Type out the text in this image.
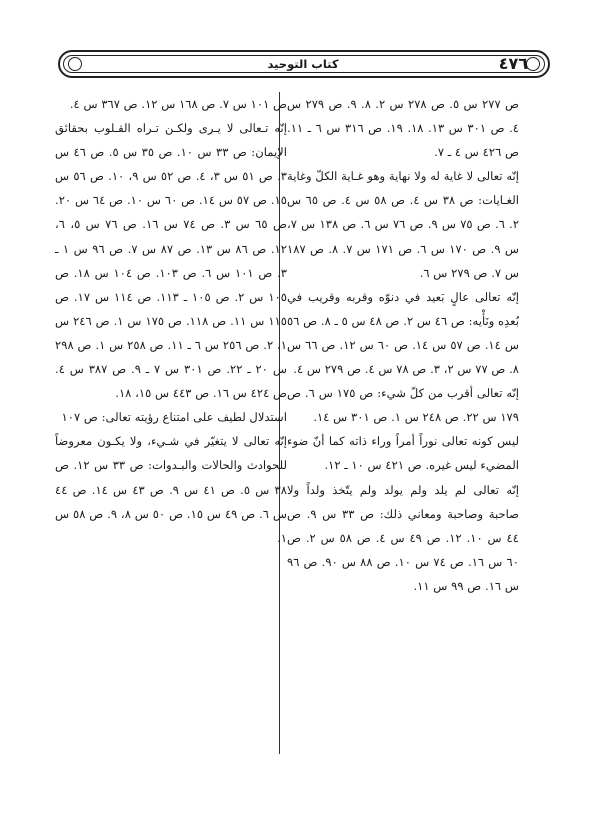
٤٧٦
كتاب التوحيد

ص ٢٧٧ س ٥. ص ٢٧٨ س ٢. ٨. ٩. ص ٢٧٩ س ٤. ص ٣٠١ س ١٣. ١٨. ١٩. ص ٣١٦ س ٦ ـ ١١. ص ٤٢٦ س ٤ ـ ٧.

إنّه تعالى لا غاية له ولا نهاية وهو غـاية الكلّ وغاية الغـايات: ص ٣٨ س ٤. ص ٥٨ س ٤. ص ٦٥ س ٢. ٦. ص ٧٥ س ٩. ص ٧٦ س ٦. ص ١٣٨ س ٧، س ٩. ص ١٧٠ س ٦. ص ١٧١ س ٧. ٨. ص ١٨٧ س ٧. ص ٢٧٩ س ٦.

إنّه تعالى عالٍ بَعيد في دنوّه وقربه وقريب في بُعدِه ونَأْيه: ص ٤٦ س ٢. ص ٤٨ س ٥ ـ ٨. ص ٥٦ س ١٤. ص ٥٧ س ١٤. ص ٦٠ س ١٢. ص ٦٦ س ٨. ص ٧٧ س ٢، ٣. ص ٧٨ س ٤. ص ٢٧٩ س ٤.

إنّه تعالى أقرب من كلّ شيء: ص ١٧٥ س ٦. ص ١٧٩ س ٢٢. ص ٢٤٨ س ١. ص ٣٠١ س ١٤.

ليس كونه تعالى نوراً أمراً وراء ذاته كما أنّ ضوء المضيء ليس غيره. ص ٤٢١ س ١٠ ـ ١٢.

إنّه تعالى لم يلد ولم يولد ولم يتّخذ ولداً ولا صاحبة وصاحبة ومعاني ذلك: ص ٣٣ س ٩. ص ٤٤ س ١٠. ١٢. ص ٤٩ س ٤. ص ٥٨ س ٢. ص ٦٠ س ١٦. ص ٧٤ س ١٠. ص ٨٨ س ٩٠. ص ٩٦ س ١٦. ص ٩٩ س ١١.

ص ١٠١ س ٧. ص ١٦٨ س ١٢. ص ٣٦٧ س ٤.

إنّه تـعالى لا يـرى ولكـن تـراه القـلوب بحقائق الإيمان: ص ٣٣ س ١٠. ص ٣٥ س ٥. ص ٤٦ س ٣. ص ٥١ س ٣، ٤. ص ٥٢ س ٩، ١٠. ص ٥٦ س ١٥. ص ٥٧ س ١٤. ص ٦٠ س ١٠. ص ٦٤ س ٢٠. ص ٦٥ س ٣. ص ٧٤ س ١٦. ص ٧٦ س ٥، ٦، ١٢. ص ٨٦ س ١٣. ص ٨٧ س ٧. ص ٩٦ س ١ ـ ٣. ص ١٠١ س ٦. ص ١٠٣. ص ١٠٤ س ١٨. ص ١٠٥ س ٢. ص ١٠٥ ـ ١١٣. ص ١١٤ س ١٧. ص ١١٥ س ١١. ص ١١٨. ص ١٧٥ س ١. ص ٢٤٦ س ١، ٢. ص ٢٥٦ س ٦ ـ ١١. ص ٢٥٨ س ١. ص ٢٩٨ س ٢٠ ـ ٢٢. ص ٣٠١ س ٧ ـ ٩. ص ٣٨٧ س ٤. ص ٤٢٤ س ١٦. ص ٤٤٣ س ١٥، ١٨.

استدلال لطيف على امتناع رؤيته تعالى: ص ١٠٧

إنّه تعالى لا يتغيّر في شـيء، ولا يكـون معروضاً للحوادث والحالات والبـدوات: ص ٣٣ س ١٢. ص ٣٨ س ٥. ص ٤١ س ٩. ص ٤٣ س ١٤. ص ٤٤ س ٦. ص ٤٩ س ١٥. ص ٥٠ س ٨، ٩. ص ٥٨ س ١.
